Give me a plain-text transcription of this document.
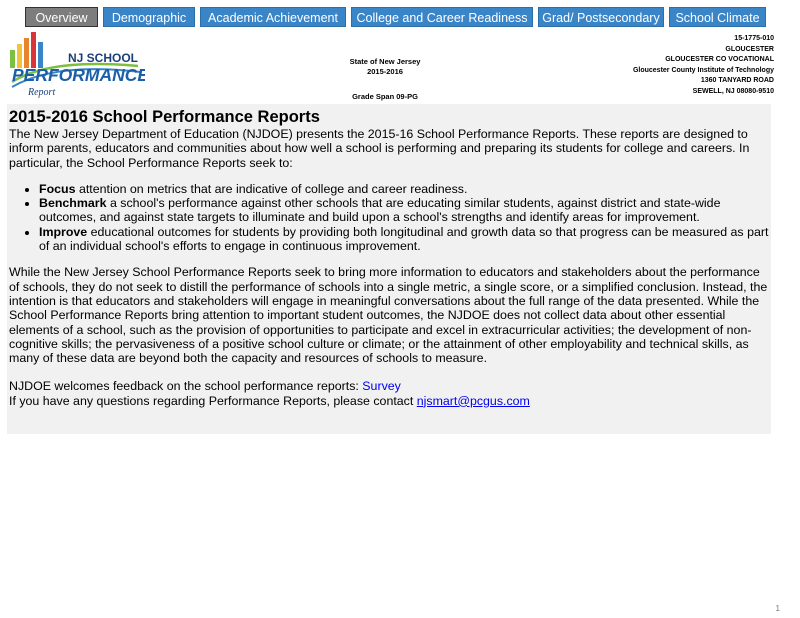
Overview	Demographic	Academic Achievement	College and Career Readiness	Grad/ Postsecondary	School Climate
NJ SCHOOL
PERFORMANCE
Report
State of New Jersey
2015-2016
Grade Span 09-PG
15-1775-010
GLOUCESTER
GLOUCESTER CO VOCATIONAL
Gloucester County Institute of Technology
1360 TANYARD ROAD
SEWELL, NJ 08080-9510
2015-2016 School Performance Reports

The New Jersey Department of Education (NJDOE) presents the 2015-16 School Performance Reports. These reports are designed to inform parents, educators and communities about how well a school is performing and preparing its students for college and careers. In particular, the School Performance Reports seek to:

• Focus attention on metrics that are indicative of college and career readiness.
• Benchmark a school's performance against other schools that are educating similar students, against district and state-wide outcomes, and against state targets to illuminate and build upon a school's strengths and identify areas for improvement.
• Improve educational outcomes for students by providing both longitudinal and growth data so that progress can be measured as part of an individual school's efforts to engage in continuous improvement.

While the New Jersey School Performance Reports seek to bring more information to educators and stakeholders about the performance of schools, they do not seek to distill the performance of schools into a single metric, a single score, or a simplified conclusion. Instead, the intention is that educators and stakeholders will engage in meaningful conversations about the full range of the data presented. While the School Performance Reports bring attention to important student outcomes, the NJDOE does not collect data about other essential elements of a school, such as the provision of opportunities to participate and excel in extracurricular activities; the development of non-cognitive skills; the pervasiveness of a positive school culture or climate; or the attainment of other employability and technical skills, as many of these data are beyond both the capacity and resources of schools to measure.

NJDOE welcomes feedback on the school performance reports: Survey

If you have any questions regarding Performance Reports, please contact njsmart@pcgus.com

1
